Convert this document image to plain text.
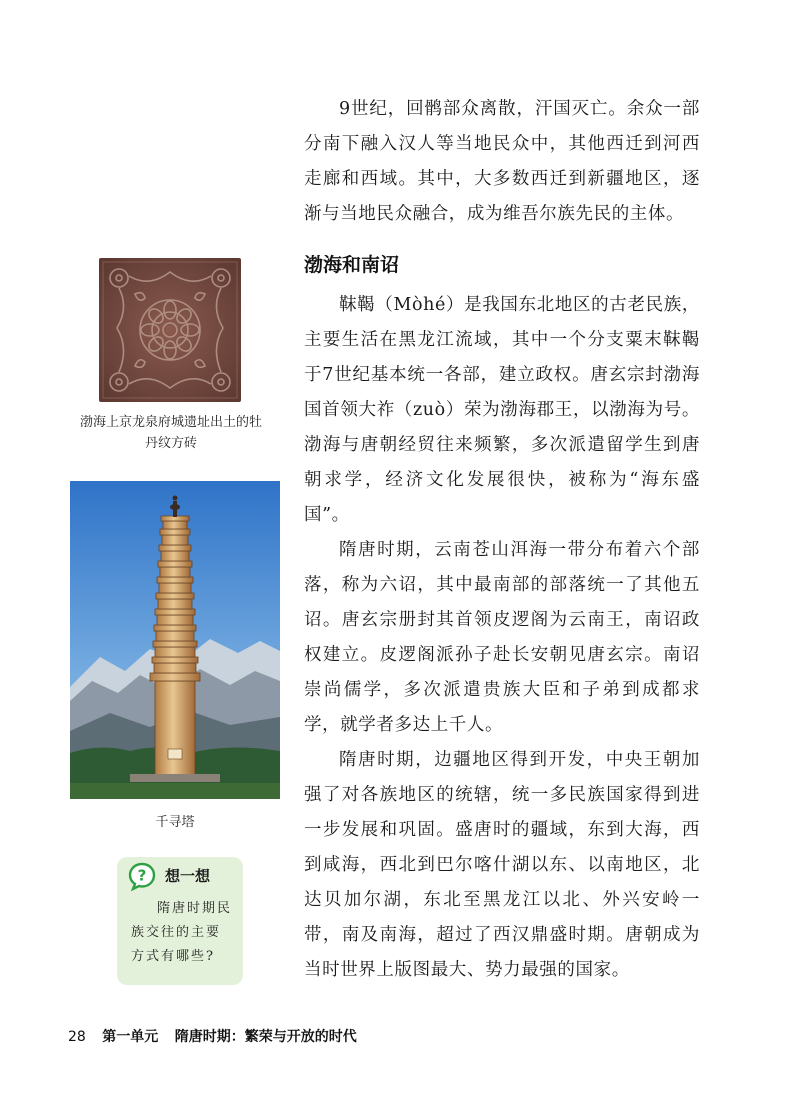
9世纪，回鹘部众离散，汗国灭亡。余众一部分南下融入汉人等当地民众中，其他西迁到河西走廊和西域。其中，大多数西迁到新疆地区，逐渐与当地民众融合，成为维吾尔族先民的主体。

渤海和南诏

靺鞨（Mòhé）是我国东北地区的古老民族，主要生活在黑龙江流域，其中一个分支粟末靺鞨于7世纪基本统一各部，建立政权。唐玄宗封渤海国首领大祚（zuò）荣为渤海郡王，以渤海为号。渤海与唐朝经贸往来频繁，多次派遣留学生到唐朝求学，经济文化发展很快，被称为“海东盛国”。

隋唐时期，云南苍山洱海一带分布着六个部落，称为六诏，其中最南部的部落统一了其他五诏。唐玄宗册封其首领皮逻阁为云南王，南诏政权建立。皮逻阁派孙子赴长安朝见唐玄宗。南诏崇尚儒学，多次派遣贵族大臣和子弟到成都求学，就学者多达上千人。

隋唐时期，边疆地区得到开发，中央王朝加强了对各族地区的统辖，统一多民族国家得到进一步发展和巩固。盛唐时的疆域，东到大海，西到咸海，西北到巴尔喀什湖以东、以南地区，北达贝加尔湖，东北至黑龙江以北、外兴安岭一带，南及南海，超过了西汉鼎盛时期。唐朝成为当时世界上版图最大、势力最强的国家。

渤海上京龙泉府城遗址出土的牡丹纹方砖
千寻塔
? 想一想
隋唐时期民族交往的主要方式有哪些?
28 第一单元 隋唐时期：繁荣与开放的时代
